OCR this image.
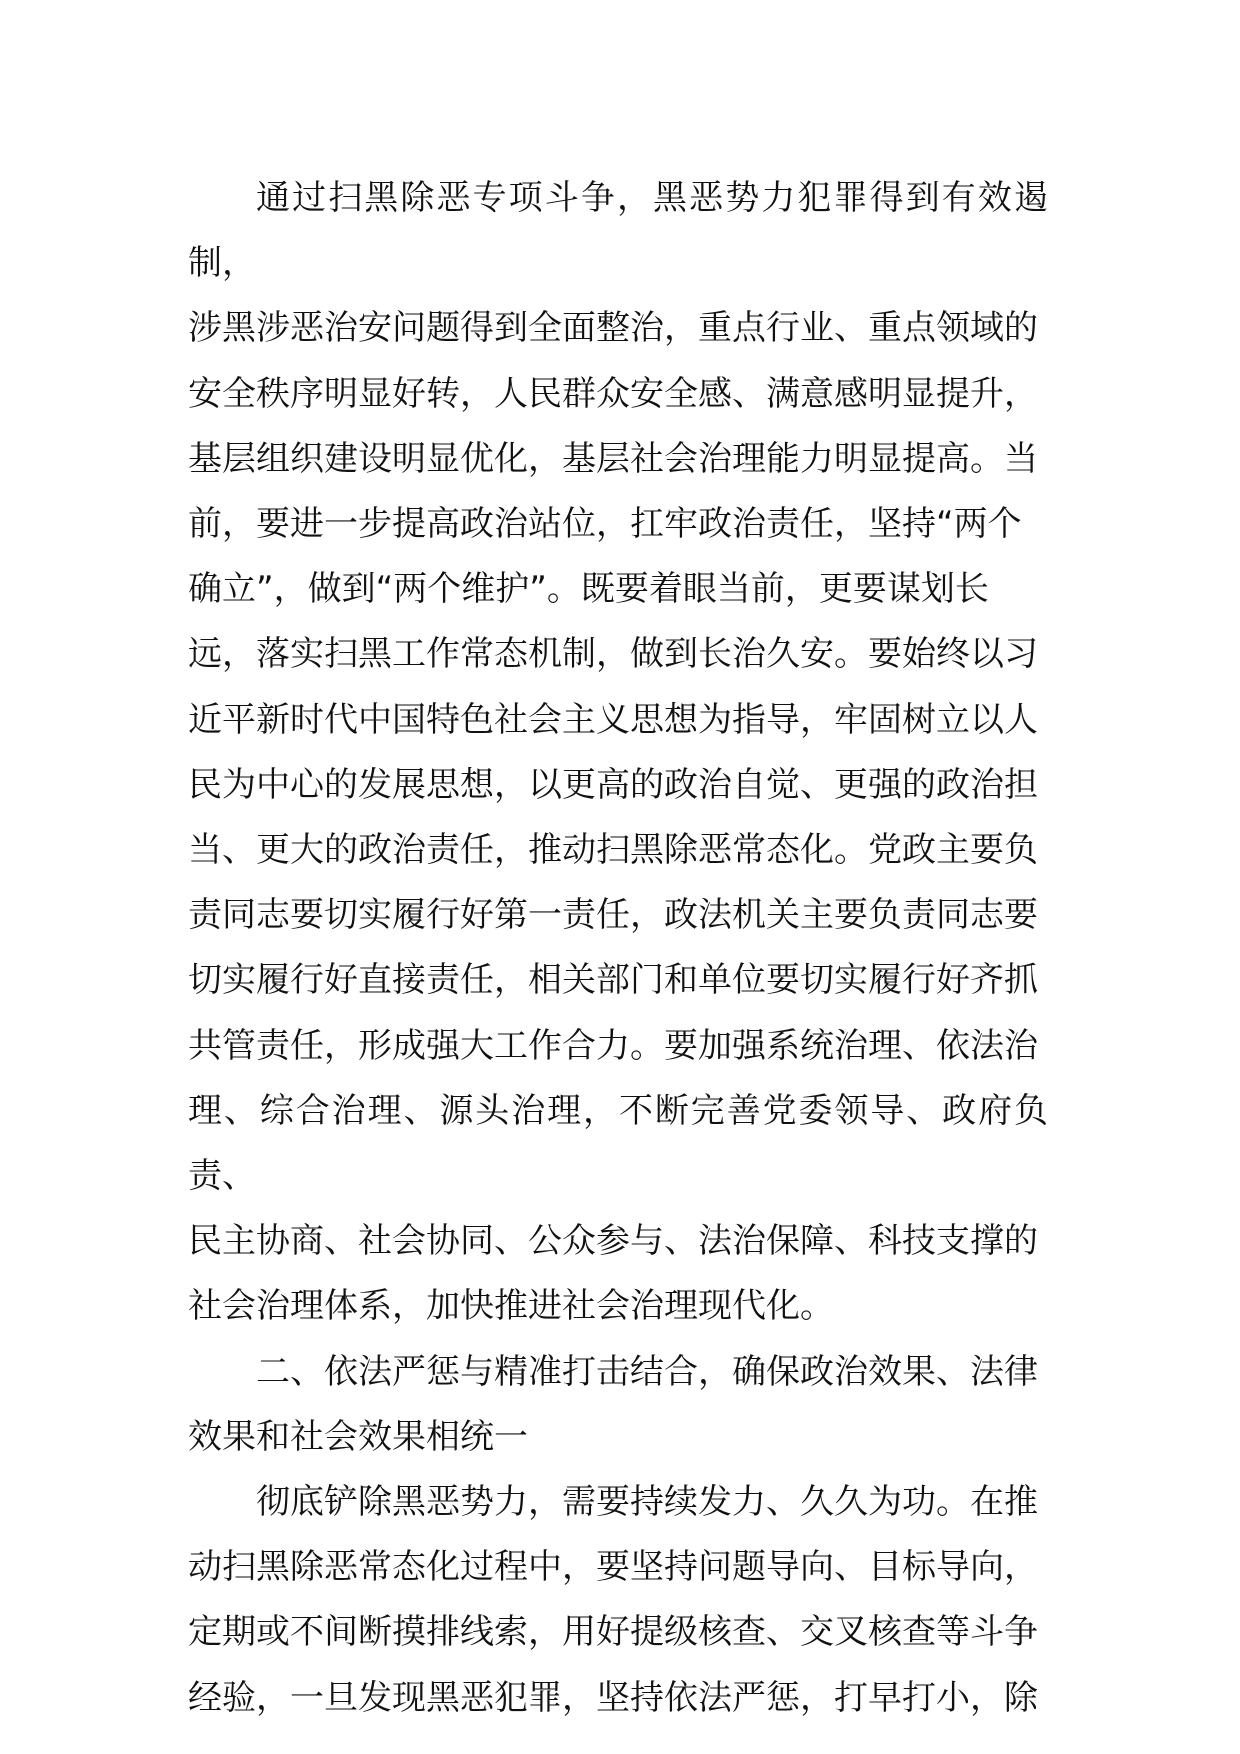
通过扫黑除恶专项斗争，黑恶势力犯罪得到有效遏制，
涉黑涉恶治安问题得到全面整治，重点行业、重点领域的
安全秩序明显好转，人民群众安全感、满意感明显提升，
基层组织建设明显优化，基层社会治理能力明显提高。当
前，要进一步提高政治站位，扛牢政治责任，坚持“两个
确立”，做到“两个维护”。既要着眼当前，更要谋划长
远，落实扫黑工作常态机制，做到长治久安。要始终以习
近平新时代中国特色社会主义思想为指导，牢固树立以人
民为中心的发展思想，以更高的政治自觉、更强的政治担
当、更大的政治责任，推动扫黑除恶常态化。党政主要负
责同志要切实履行好第一责任，政法机关主要负责同志要
切实履行好直接责任，相关部门和单位要切实履行好齐抓
共管责任，形成强大工作合力。要加强系统治理、依法治
理、综合治理、源头治理，不断完善党委领导、政府负责、
民主协商、社会协同、公众参与、法治保障、科技支撑的
社会治理体系，加快推进社会治理现代化。

二、依法严惩与精准打击结合，确保政治效果、法律
效果和社会效果相统一

彻底铲除黑恶势力，需要持续发力、久久为功。在推
动扫黑除恶常态化过程中，要坚持问题导向、目标导向，
定期或不间断摸排线索，用好提级核查、交叉核查等斗争
经验，一旦发现黑恶犯罪，坚持依法严惩，打早打小，除
